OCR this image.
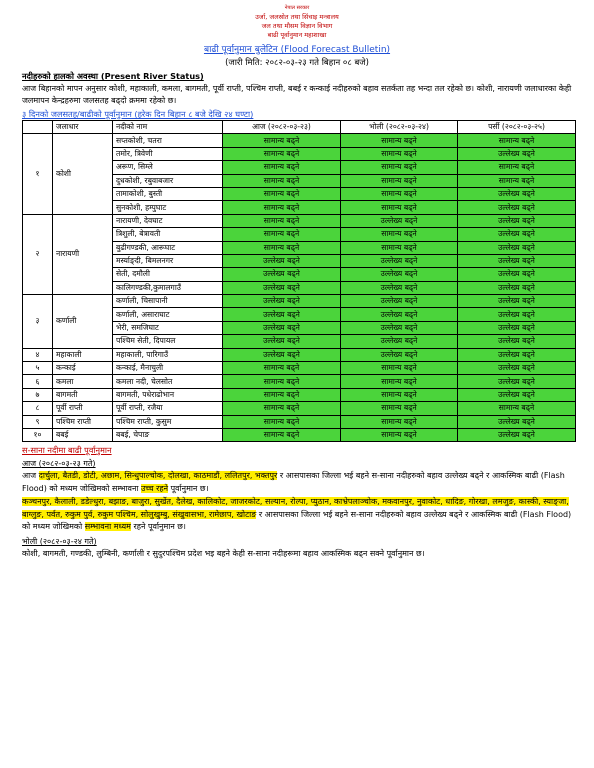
नेपाल सरकार
उर्जा, जलस्रोत तथा सिंचाइ मन्त्रालय
जल तथा मौसम विज्ञान विभाग
बाढी पूर्वानुमान महाशाखा
बाढी पूर्वानुमान बुलेटिन (Flood Forecast Bulletin)
(जारी मिति: २०८२-०३-२३ गते बिहान ०८ बजे)
नदीहरुको हालको अवस्था (Present River Status)
आज बिहानको मापन अनुसार कोशी, महाकाली, कमला, बागमती, पूर्वी राप्ती, पश्चिम राप्ती, बबई र कन्काई नदीहरुको बहाव सतर्कता तह भन्दा तल रहेको छ। कोशी, नारायणी जलाधारका केही जलमापन केन्द्रहरुमा जलसतह बढ्दो क्रममा रहेको छ।
३ दिनको जलसतह/बाढीको पूर्वानुमान (हरेक दिन बिहान ८ बजे देखि २४ घण्टा)
	जलाधार	नदीको नाम	आज (२०८२-०३-२३)	भोली (२०८२-०३-२४)	पर्सी (२०८२-०३-२५)
१	कोशी	सप्तकोशी, चतरा	सामान्य बढ्ने	सामान्य बढ्ने	सामान्य बढ्ने
		तमोर, त्रिवेणी	सामान्य बढ्ने	सामान्य बढ्ने	उल्लेख्य बढ्ने
		अरूण, सिम्ले	सामान्य बढ्ने	सामान्य बढ्ने	सामान्य बढ्ने
		दुधकोशी, रबुवाबजार	सामान्य बढ्ने	सामान्य बढ्ने	सामान्य बढ्ने
		तामाकोशी, बुस्ती	सामान्य बढ्ने	सामान्य बढ्ने	उल्लेख्य बढ्ने
		सुनकोशी, हम्पुघाट	सामान्य बढ्ने	सामान्य बढ्ने	उल्लेख्य बढ्ने
२	नारायणी	नारायणी, देवघाट	सामान्य बढ्ने	उल्लेख्य बढ्ने	उल्लेख्य बढ्ने
		त्रिशुली, बेत्रावती	सामान्य बढ्ने	सामान्य बढ्ने	उल्लेख्य बढ्ने
		बुढीगण्डकी, आरूघाट	सामान्य बढ्ने	सामान्य बढ्ने	उल्लेख्य बढ्ने
		मर्स्याङ्दी, बिमलनगर	उल्लेख्य बढ्ने	उल्लेख्य बढ्ने	उल्लेख्य बढ्ने
		सेती, दमौली	उल्लेख्य बढ्ने	उल्लेख्य बढ्ने	उल्लेख्य बढ्ने
		कालिगण्डकी,कुमालगाउँ	उल्लेख्य बढ्ने	उल्लेख्य बढ्ने	उल्लेख्य बढ्ने
३	कर्णाली	कर्णाली, चिसापानी	उल्लेख्य बढ्ने	उल्लेख्य बढ्ने	उल्लेख्य बढ्ने
		कर्णाली, असाराघाट	उल्लेख्य बढ्ने	उल्लेख्य बढ्ने	उल्लेख्य बढ्ने
		भेरी, समजिघाट	उल्लेख्य बढ्ने	उल्लेख्य बढ्ने	उल्लेख्य बढ्ने
		पश्चिम सेती, दिपायल	उल्लेख्य बढ्ने	उल्लेख्य बढ्ने	उल्लेख्य बढ्ने
४	महाकाली	महाकाली, पारिगाउँ	उल्लेख्य बढ्ने	उल्लेख्य बढ्ने	उल्लेख्य बढ्ने
५	कन्काई	कन्काई, मैनाचुली	सामान्य बढ्ने	सामान्य बढ्ने	उल्लेख्य बढ्ने
६	कमला	कमला नदी, चेलसोत	सामान्य बढ्ने	सामान्य बढ्ने	उल्लेख्य बढ्ने
७	बागमती	बागमती, पधेराढोभान	सामान्य बढ्ने	सामान्य बढ्ने	उल्लेख्य बढ्ने
८	पूर्वी राप्ती	पूर्वी राप्ती, रजैया	सामान्य बढ्ने	सामान्य बढ्ने	सामान्य बढ्ने
९	पश्चिम राप्ती	पश्चिम राप्ती, कुसुम	सामान्य बढ्ने	सामान्य बढ्ने	उल्लेख्य बढ्ने
१०	बबई	बबई, चेपाङ	सामान्य बढ्ने	सामान्य बढ्ने	उल्लेख्य बढ्ने
स-साना नदीमा बाढी पूर्वानुमान
आज (२०८२-०३-२३ गते)
आज दार्चुला, बैतडी, डोटी, अछाम, सिन्धुपाल्चोक, दोलखा, काठमाडौं, ललितपुर, भक्तपुर र आसपासका जिल्ला भई बहने स-साना नदीहरुको बहाव उल्लेख्य बढ्ने र आकस्मिक बाढी (Flash Flood) को मध्यम जोखिमको सम्भावना उच्च रहने पूर्वानुमान छ।
कञ्चनपुर, कैलाली, डडेल्धुरा, बझाङ, बाजुरा, सुर्खेत, दैलेख, कालिकोट, जाजरकोट, सल्यान, रोल्पा, प्युठान, काभ्रेपलाञ्चोक, मकवानपुर, नुवाकोट, धादिङ, गोरखा, लमजुङ, कास्की, स्याङ्जा, बाग्लुङ, पर्वत, रुकुम पुर्व, रुकुम पश्चिम, सोलुखुम्बु, संखुवासभा, रामेछाप, खोटाङ र आसपासका जिल्ला भई बहने स-साना नदीहरुको बहाव उल्लेख्य बढ्ने र आकस्मिक बाढी (Flash Flood) को मध्यम जोखिमको सम्भावना मध्यम रहने पूर्वानुमान छ।
भोली (२०८२-०३-२४ गते)
कोशी, बागमती, गण्डकी, लुम्बिनी, कर्णाली र सुदुरपश्चिम प्रदेश भइ बहने केही स-साना नदीहरूमा बहाव आकस्मिक बढ्न सक्ने पूर्वानुमान छ।
